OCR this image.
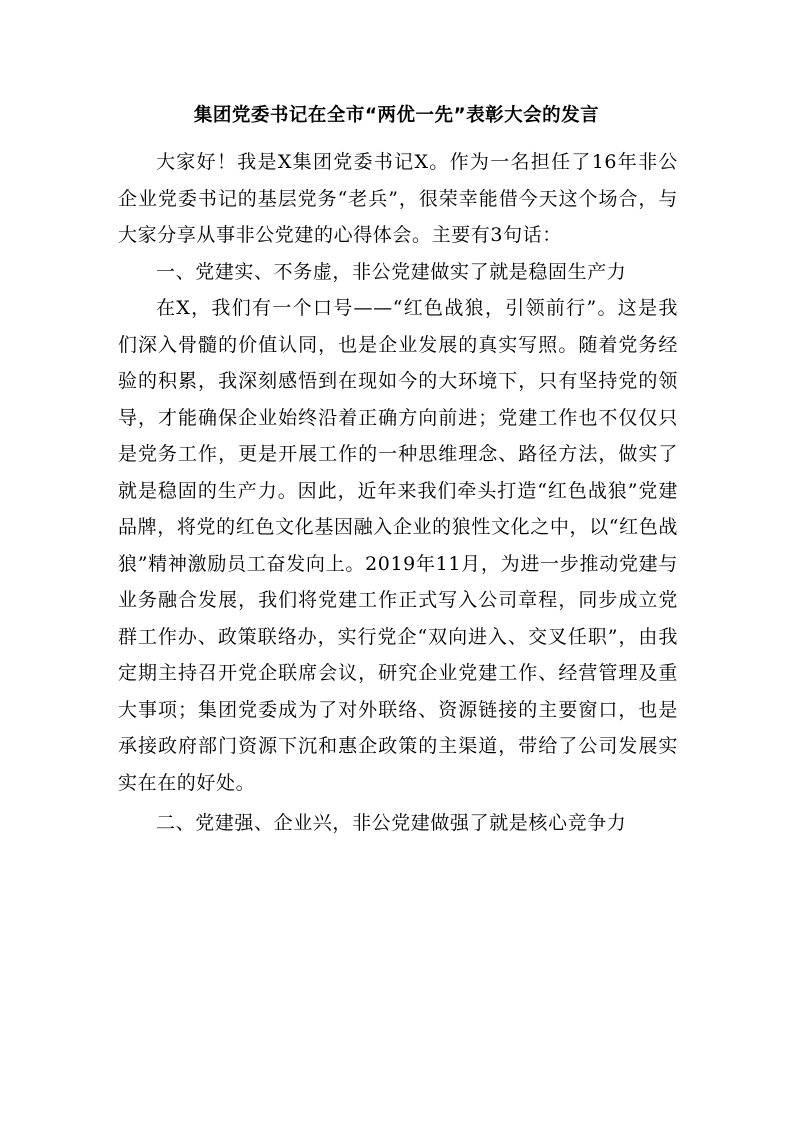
集团党委书记在全市“两优一先”表彰大会的发言

大家好！我是X集团党委书记X。作为一名担任了16年非公企业党委书记的基层党务“老兵”，很荣幸能借今天这个场合，与大家分享从事非公党建的心得体会。主要有3句话：

一、党建实、不务虚，非公党建做实了就是稳固生产力

在X，我们有一个口号——“红色战狼，引领前行”。这是我们深入骨髓的价值认同，也是企业发展的真实写照。随着党务经验的积累，我深刻感悟到在现如今的大环境下，只有坚持党的领导，才能确保企业始终沿着正确方向前进；党建工作也不仅仅只是党务工作，更是开展工作的一种思维理念、路径方法，做实了就是稳固的生产力。因此，近年来我们牵头打造“红色战狼”党建品牌，将党的红色文化基因融入企业的狼性文化之中，以“红色战狼”精神激励员工奋发向上。2019年11月，为进一步推动党建与业务融合发展，我们将党建工作正式写入公司章程，同步成立党群工作办、政策联络办，实行党企“双向进入、交叉任职”，由我定期主持召开党企联席会议，研究企业党建工作、经营管理及重大事项；集团党委成为了对外联络、资源链接的主要窗口，也是承接政府部门资源下沉和惠企政策的主渠道，带给了公司发展实实在在的好处。

二、党建强、企业兴，非公党建做强了就是核心竞争力
